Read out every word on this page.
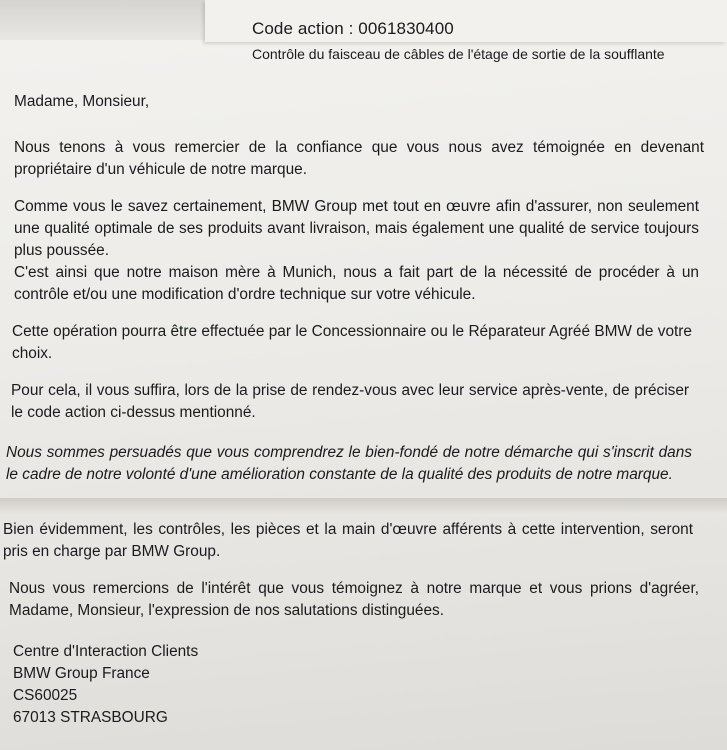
Code action : 0061830400
Contrôle du faisceau de câbles de l'étage de sortie de la soufflante

Madame, Monsieur,

Nous tenons à vous remercier de la confiance que vous nous avez témoignée en devenant propriétaire d'un véhicule de notre marque.

Comme vous le savez certainement, BMW Group met tout en œuvre afin d'assurer, non seulement une qualité optimale de ses produits avant livraison, mais également une qualité de service toujours plus poussée.

C'est ainsi que notre maison mère à Munich, nous a fait part de la nécessité de procéder à un contrôle et/ou une modification d'ordre technique sur votre véhicule.

Cette opération pourra être effectuée par le Concessionnaire ou le Réparateur Agréé BMW de votre choix.

Pour cela, il vous suffira, lors de la prise de rendez-vous avec leur service après-vente, de préciser le code action ci-dessus mentionné.

Nous sommes persuadés que vous comprendrez le bien-fondé de notre démarche qui s'inscrit dans le cadre de notre volonté d'une amélioration constante de la qualité des produits de notre marque.

Bien évidemment, les contrôles, les pièces et la main d'œuvre afférents à cette intervention, seront pris en charge par BMW Group.

Nous vous remercions de l'intérêt que vous témoignez à notre marque et vous prions d'agréer, Madame, Monsieur, l'expression de nos salutations distinguées.

Centre d'Interaction Clients
BMW Group France
CS60025
67013 STRASBOURG
